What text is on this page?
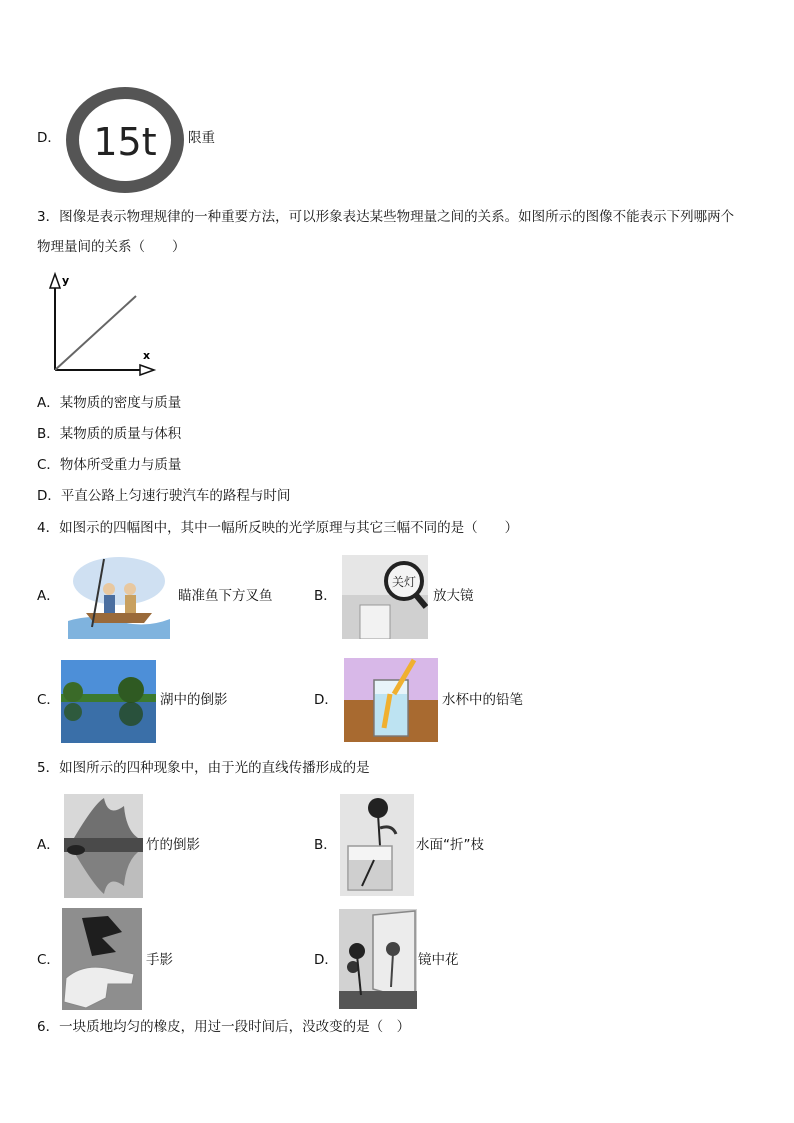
D． 15t 限重
3．图像是表示物理规律的一种重要方法，可以形象表达某些物理量之间的关系。如图所示的图像不能表示下列哪两个
物理量间的关系（　　）
y
x
A．某物质的密度与质量
B．某物质的质量与体积
C．物体所受重力与质量
D．平直公路上匀速行驶汽车的路程与时间
4．如图示的四幅图中，其中一幅所反映的光学原理与其它三幅不同的是（　　）
A．	瞄准鱼下方叉鱼	B．
关灯
放大镜
C．	湖中的倒影	D．	水杯中的铅笔
5．如图所示的四种现象中，由于光的直线传播形成的是
A．	竹的倒影	B．	水面“折”枝
C．	手影	D．	镜中花
6．一块质地均匀的橡皮，用过一段时间后，没改变的是（　）
